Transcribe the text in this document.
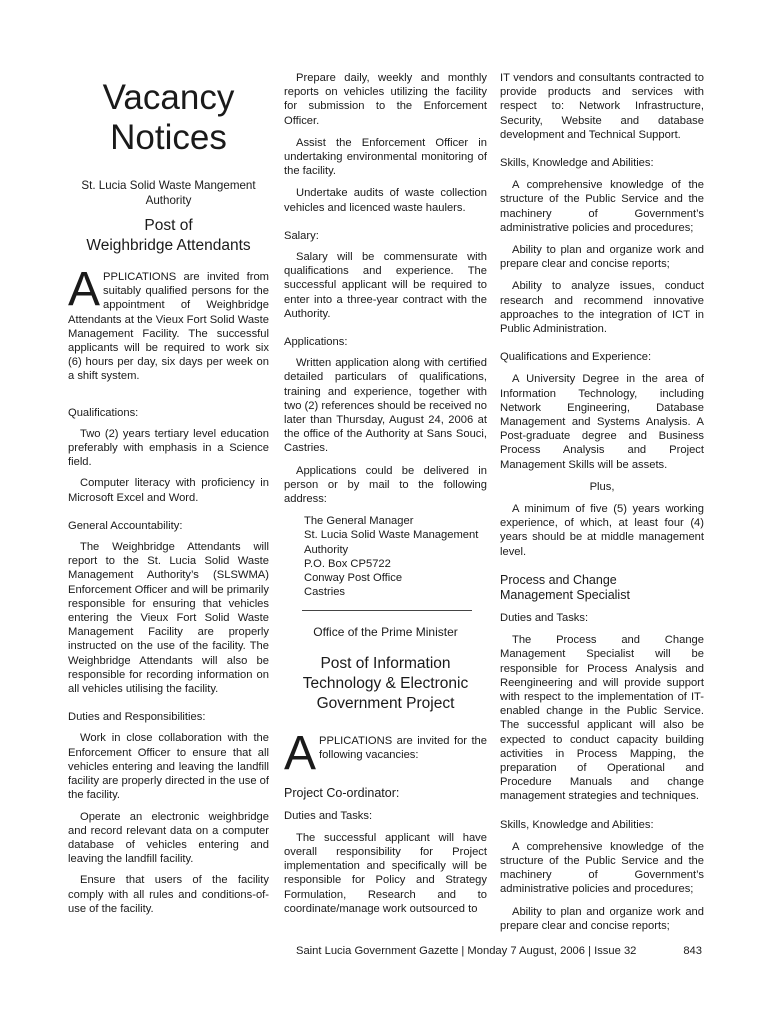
Vacancy
Notices
St. Lucia Solid Waste Mangement Authority
Post of
Weighbridge Attendants

APPLICATIONS are invited from suitably qualified persons for the appointment of Weighbridge Attendants at the Vieux Fort Solid Waste Management Facility. The successful applicants will be required to work six (6) hours per day, six days per week on a shift system.

Qualifications:

Two (2) years tertiary level education preferably with emphasis in a Science field.

Computer literacy with proficiency in Microsoft Excel and Word.

General Accountability:

The Weighbridge Attendants will report to the St. Lucia Solid Waste Management Authority’s (SLSWMA) Enforcement Officer and will be primarily responsible for ensuring that vehicles entering the Vieux Fort Solid Waste Management Facility are properly instructed on the use of the facility. The Weighbridge Attendants will also be responsible for recording information on all vehicles utilising the facility.

Duties and Responsibilities:

Work in close collaboration with the Enforcement Officer to ensure that all vehicles entering and leaving the landfill facility are properly directed in the use of the facility.

Operate an electronic weighbridge and record relevant data on a computer database of vehicles entering and leaving the landfill facility.

Ensure that users of the facility comply with all rules and conditions-of-use of the facility.

Prepare daily, weekly and monthly reports on vehicles utilizing the facility for submission to the Enforcement Officer.

Assist the Enforcement Officer in undertaking environmental monitoring of the facility.

Undertake audits of waste collection vehicles and licenced waste haulers.

Salary:

Salary will be commensurate with qualifications and experience. The successful applicant will be required to enter into a three-year contract with the Authority.

Applications:

Written application along with certified detailed particulars of qualifications, training and experience, together with two (2) references should be received no later than Thursday, August 24, 2006 at the office of the Authority at Sans Souci, Castries.

Applications could be delivered in person or by mail to the following address:

The General Manager
St. Lucia Solid Waste Management Authority
P.O. Box CP5722
Conway Post Office
Castries
Office of the Prime Minister
Post of Information
Technology & Electronic
Government Project

APPLICATIONS are invited for the following vacancies:

Project Co-ordinator:

Duties and Tasks:

The successful applicant will have overall responsibility for Project implementation and specifically will be responsible for Policy and Strategy Formulation, Research and to coordinate/manage work outsourced to

IT vendors and consultants contracted to provide products and services with respect to: Network Infrastructure, Security, Website and database development and Technical Support.

Skills, Knowledge and Abilities:

A comprehensive knowledge of the structure of the Public Service and the machinery of Government’s administrative policies and procedures;

Ability to plan and organize work and prepare clear and concise reports;

Ability to analyze issues, conduct research and recommend innovative approaches to the integration of ICT in Public Administration.

Qualifications and Experience:

A University Degree in the area of Information Technology, including Network Engineering, Database Management and Systems Analysis. A Post-graduate degree and Business Process Analysis and Project Management Skills will be assets.

Plus,

A minimum of five (5) years working experience, of which, at least four (4) years should be at middle management level.

Process and Change
Management Specialist

Duties and Tasks:

The Process and Change Management Specialist will be responsible for Process Analysis and Reengineering and will provide support with respect to the implementation of IT-enabled change in the Public Service. The successful applicant will also be expected to conduct capacity building activities in Process Mapping, the preparation of Operational and Procedure Manuals and change management strategies and techniques.

Skills, Knowledge and Abilities:

A comprehensive knowledge of the structure of the Public Service and the machinery of Government’s administrative policies and procedures;

Ability to plan and organize work and prepare clear and concise reports;

Saint Lucia Government Gazette | Monday 7 August, 2006 | Issue 32	843
